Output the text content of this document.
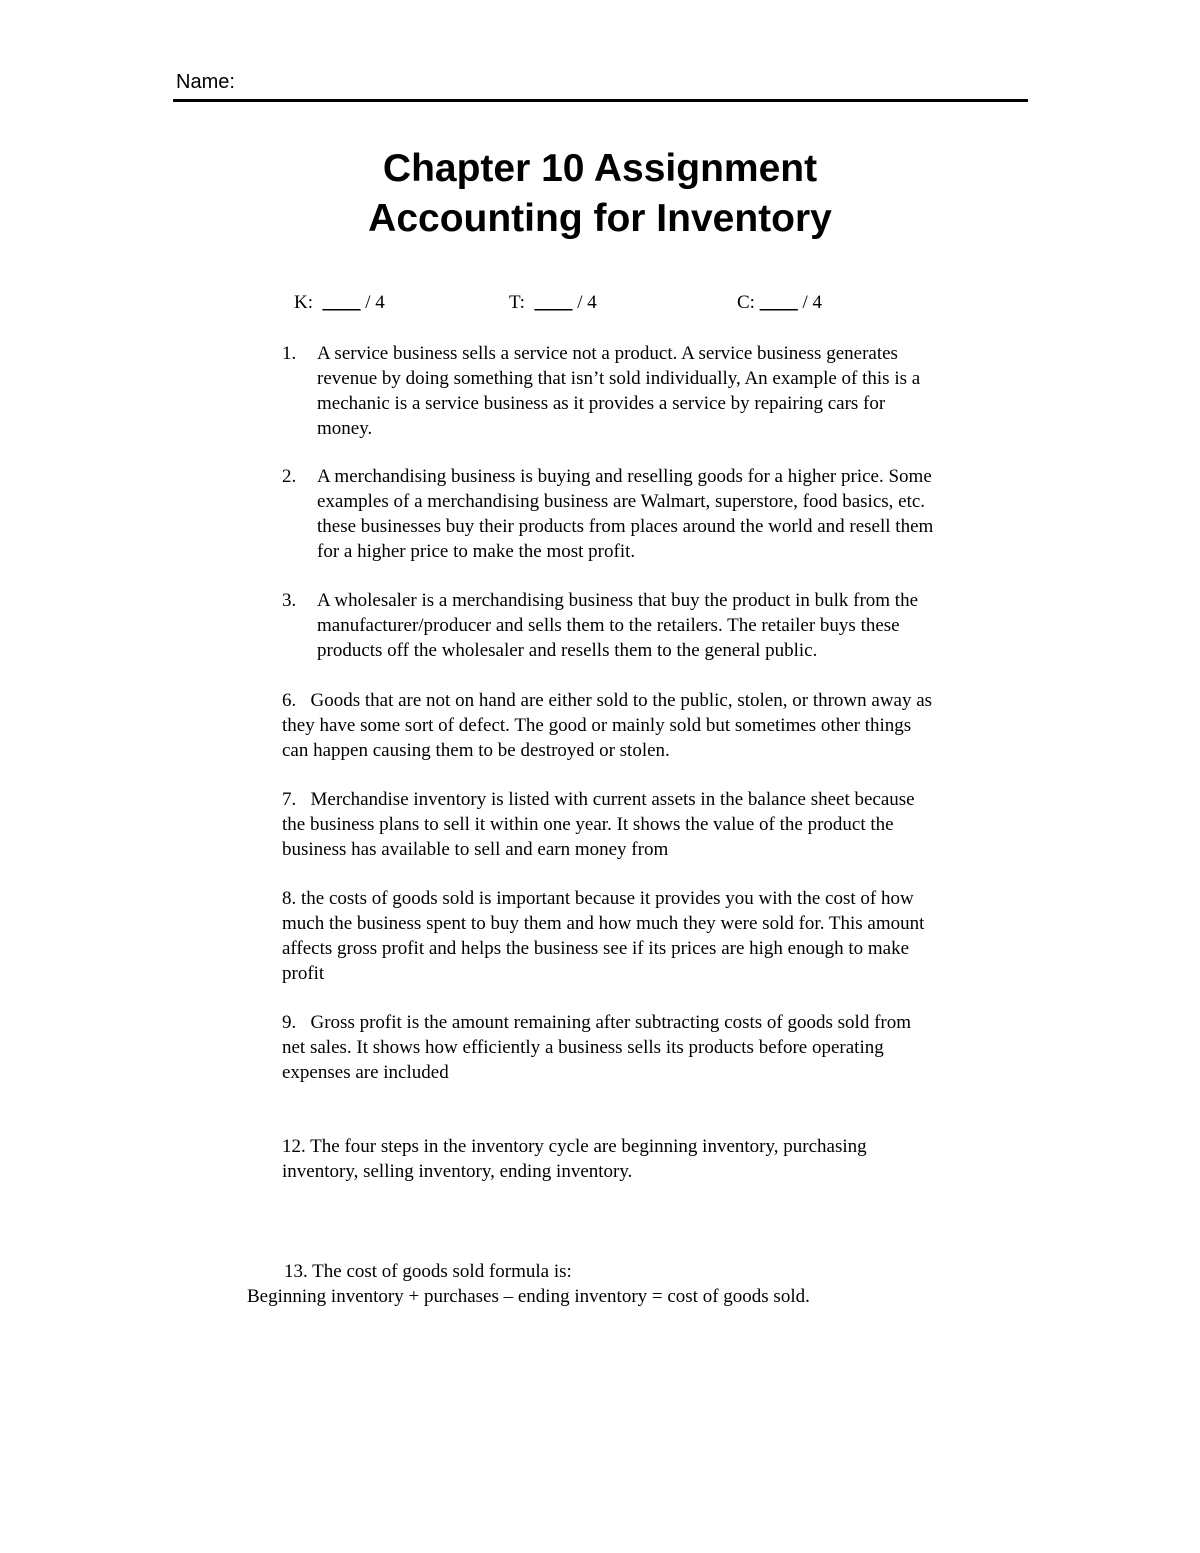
Name:
Chapter 10 Assignment
Accounting for Inventory
K: ____ / 4	T: ____ / 4	C: ____ / 4
1. A service business sells a service not a product. A service business generates
revenue by doing something that isn’t sold individually, An example of this is a
mechanic is a service business as it provides a service by repairing cars for
money.
2. A merchandising business is buying and reselling goods for a higher price. Some
examples of a merchandising business are Walmart, superstore, food basics, etc.
these businesses buy their products from places around the world and resell them
for a higher price to make the most profit.
3. A wholesaler is a merchandising business that buy the product in bulk from the
manufacturer/producer and sells them to the retailers. The retailer buys these
products off the wholesaler and resells them to the general public.
6.   Goods that are not on hand are either sold to the public, stolen, or thrown away as
they have some sort of defect. The good or mainly sold but sometimes other things
can happen causing them to be destroyed or stolen.
7.   Merchandise inventory is listed with current assets in the balance sheet because
the business plans to sell it within one year. It shows the value of the product the
business has available to sell and earn money from
8. the costs of goods sold is important because it provides you with the cost of how
much the business spent to buy them and how much they were sold for. This amount
affects gross profit and helps the business see if its prices are high enough to make
profit
9.   Gross profit is the amount remaining after subtracting costs of goods sold from
net sales. It shows how efficiently a business sells its products before operating
expenses are included
12. The four steps in the inventory cycle are beginning inventory, purchasing
inventory, selling inventory, ending inventory.
13. The cost of goods sold formula is:
Beginning inventory + purchases – ending inventory = cost of goods sold.
